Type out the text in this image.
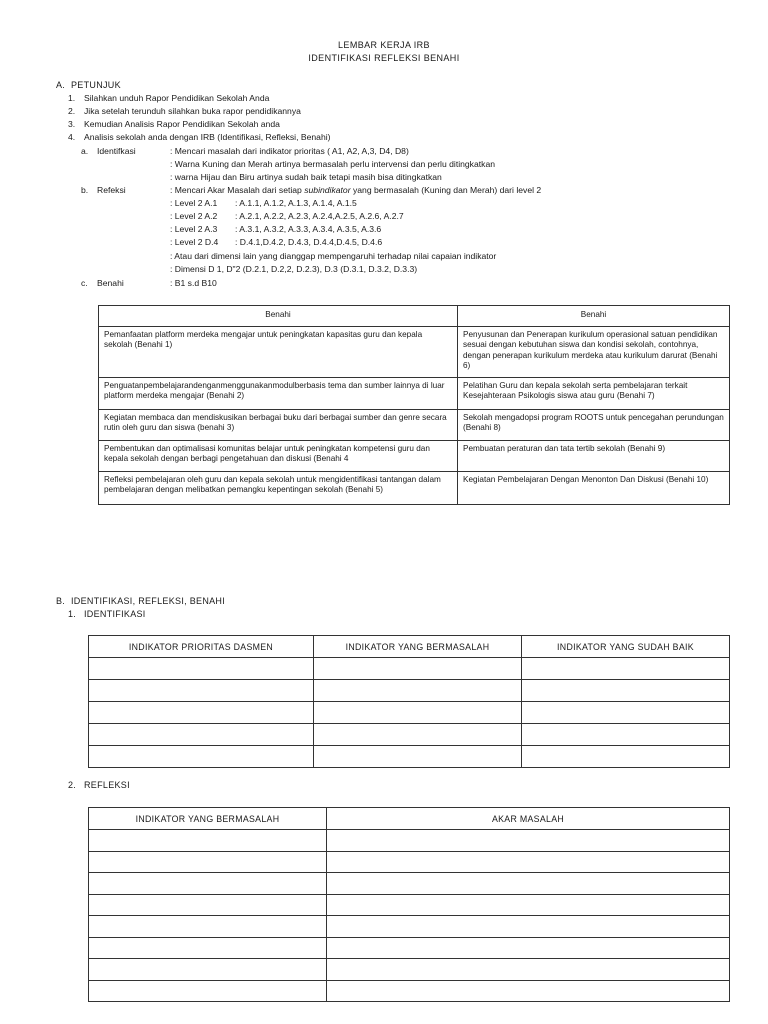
LEMBAR KERJA IRB
IDENTIFIKASI REFLEKSI BENAHI
A. PETUNJUK
1. Silahkan unduh Rapor Pendidikan Sekolah Anda
2. Jika setelah terunduh silahkan buka rapor pendidikannya
3. Kemudian Analisis Rapor Pendidikan Sekolah anda
4. Analisis sekolah anda dengan IRB (Identifikasi, Refleksi, Benahi)
a. Identifkasi	: Mencari masalah dari indikator prioritas ( A1, A2, A,3, D4, D8)
: Warna Kuning dan Merah artinya bermasalah perlu intervensi dan perlu ditingkatkan
: warna Hijau dan Biru artinya sudah baik tetapi masih bisa ditingkatkan
b. Refeksi	: Mencari Akar Masalah dari setiap subindikator yang bermasalah (Kuning dan Merah) dari level 2
: Level 2 A.1 : A.1.1, A.1.2, A.1.3, A.1.4, A.1.5
: Level 2 A.2 : A.2.1, A.2.2, A.2.3, A.2.4,A.2.5, A.2.6, A.2.7
: Level 2 A.3 : A.3.1, A.3.2, A.3.3, A.3.4, A.3.5, A.3.6
: Level 2 D.4 : D.4.1,D.4.2, D.4.3, D.4.4,D.4.5, D.4.6
: Atau dari dimensi lain yang dianggap mempengaruhi terhadap nilai capaian indikator
: Dimensi D 1, D"2 (D.2.1, D.2,2, D.2.3), D.3 (D.3.1, D.3.2, D.3.3)
c. Benahi	: B1 s.d B10
Benahi	Benahi
Pemanfaatan platform merdeka mengajar untuk peningkatan kapasitas guru dan kepala sekolah (Benahi 1)	Penyusunan dan Penerapan kurikulum operasional satuan pendidikan sesuai dengan kebutuhan siswa dan kondisi sekolah, contohnya, dengan penerapan kurikulum merdeka atau kurikulum darurat (Benahi 6)
Penguatanpembelajarandenganmenggunakanmodulberbasis tema dan sumber lainnya di luar platform merdeka mengajar (Benahi 2)	Pelatihan Guru dan kepala sekolah serta pembelajaran terkait Kesejahteraan Psikologis siswa atau guru (Benahi 7)
Kegiatan membaca dan mendiskusikan berbagai buku dari berbagai sumber dan genre secara rutin oleh guru dan siswa (benahi 3)	Sekolah mengadopsi program ROOTS untuk pencegahan perundungan (Benahi 8)
Pembentukan dan optimalisasi komunitas belajar untuk peningkatan kompetensi guru dan kepala sekolah dengan berbagi pengetahuan dan diskusi (Benahi 4	Pembuatan peraturan dan tata tertib sekolah (Benahi 9)
Refleksi pembelajaran oleh guru dan kepala sekolah untuk mengidentifikasi tantangan dalam pembelajaran dengan melibatkan pemangku kepentingan sekolah (Benahi 5)	Kegiatan Pembelajaran Dengan Menonton Dan Diskusi (Benahi 10)
B. IDENTIFIKASI, REFLEKSI, BENAHI
1. IDENTIFIKASI
INDIKATOR PRIORITAS DASMEN	INDIKATOR YANG BERMASALAH	INDIKATOR YANG SUDAH BAIK

2. REFLEKSI
INDIKATOR YANG BERMASALAH	AKAR MASALAH
